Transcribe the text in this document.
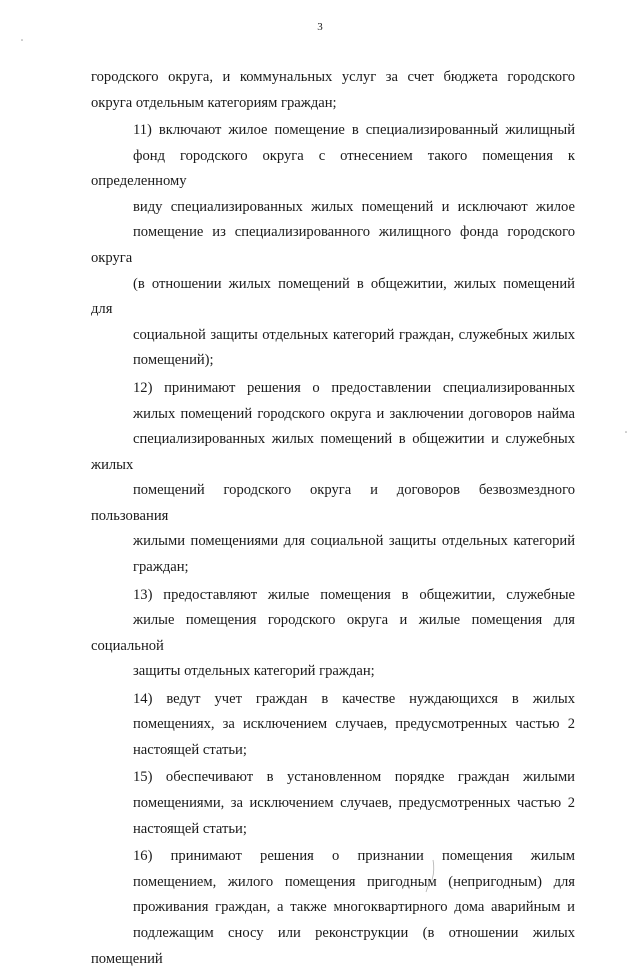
3
городского округа, и коммунальных услуг за счет бюджета городского
округа отдельным категориям граждан;
11) включают жилое помещение в специализированный жилищный
фонд городского округа с отнесением такого помещения к определенному
виду специализированных жилых помещений и исключают жилое
помещение из специализированного жилищного фонда городского округа
(в отношении жилых помещений в общежитии, жилых помещений для
социальной защиты отдельных категорий граждан, служебных жилых
помещений);
12) принимают решения о предоставлении специализированных
жилых помещений городского округа и заключении договоров найма
специализированных жилых помещений в общежитии и служебных жилых
помещений городского округа и договоров безвозмездного пользования
жилыми помещениями для социальной защиты отдельных категорий
граждан;
13) предоставляют жилые помещения в общежитии, служебные
жилые помещения городского округа и жилые помещения для социальной
защиты отдельных категорий граждан;
14) ведут учет граждан в качестве нуждающихся в жилых
помещениях, за исключением случаев, предусмотренных частью 2
настоящей статьи;
15) обеспечивают в установленном порядке граждан жилыми
помещениями, за исключением случаев, предусмотренных частью 2
настоящей статьи;
16) принимают решения о признании помещения жилым
помещением, жилого помещения пригодным (непригодным) для
проживания граждан, а также многоквартирного дома аварийным и
подлежащим сносу или реконструкции (в отношении жилых помещений
